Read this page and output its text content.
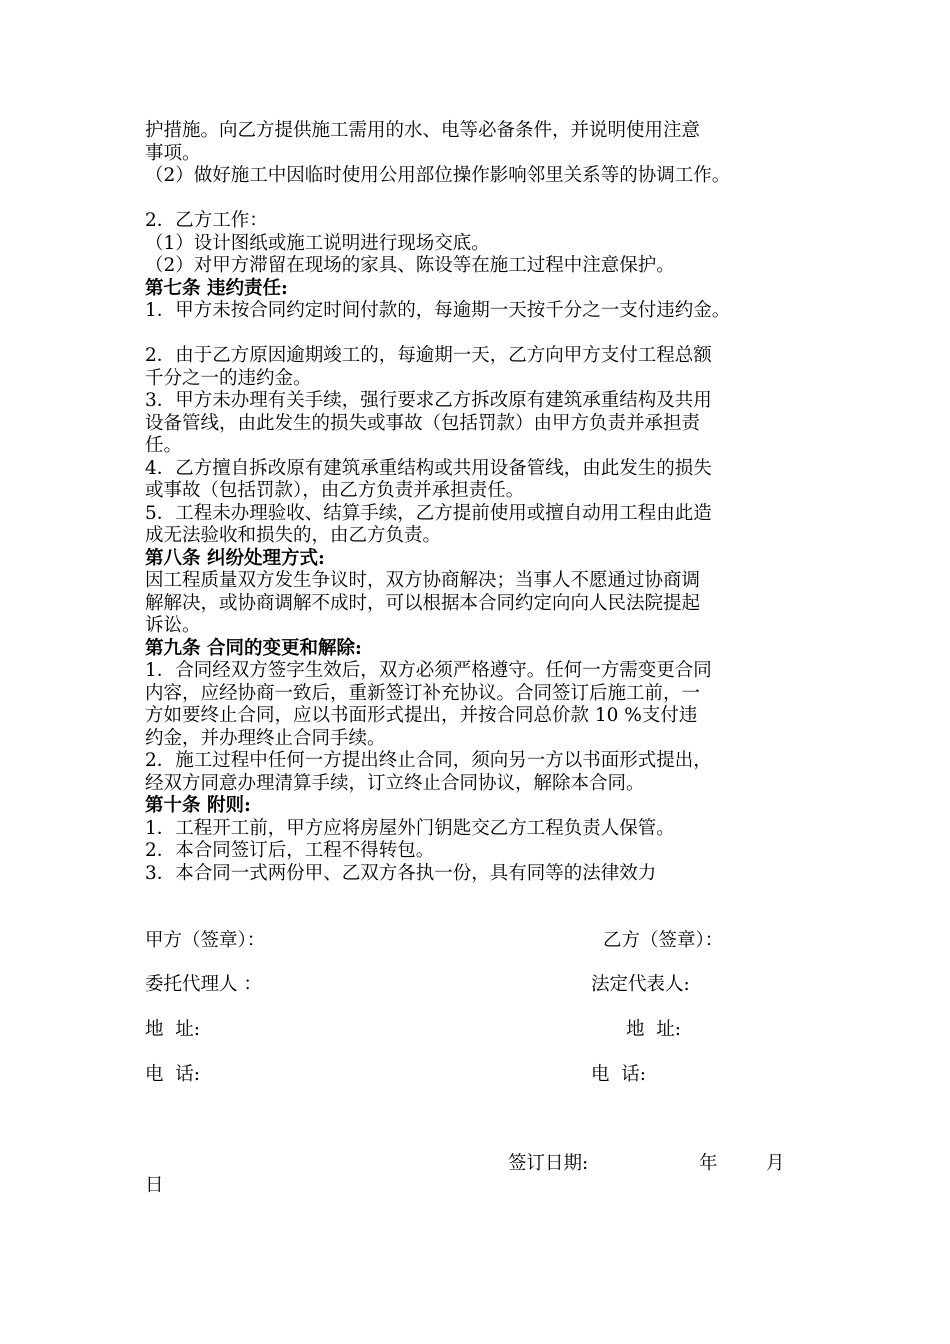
护措施。向乙方提供施工需用的水、电等必备条件，并说明使用注意
事项。
（2）做好施工中因临时使用公用部位操作影响邻里关系等的协调工作。
2．乙方工作：
（1）设计图纸或施工说明进行现场交底。
（2）对甲方滞留在现场的家具、陈设等在施工过程中注意保护。
第七条 违约责任:
1．甲方未按合同约定时间付款的，每逾期一天按千分之一支付违约金。
2．由于乙方原因逾期竣工的，每逾期一天，乙方向甲方支付工程总额
千分之一的违约金。
3．甲方未办理有关手续，强行要求乙方拆改原有建筑承重结构及共用
设备管线，由此发生的损失或事故（包括罚款）由甲方负责并承担责
任。
4．乙方擅自拆改原有建筑承重结构或共用设备管线，由此发生的损失
或事故（包括罚款），由乙方负责并承担责任。
5．工程未办理验收、结算手续，乙方提前使用或擅自动用工程由此造
成无法验收和损失的，由乙方负责。
第八条 纠纷处理方式:
因工程质量双方发生争议时，双方协商解决；当事人不愿通过协商调
解解决，或协商调解不成时，可以根据本合同约定向向人民法院提起
诉讼。
第九条 合同的变更和解除:
1．合同经双方签字生效后，双方必须严格遵守。任何一方需变更合同
内容，应经协商一致后，重新签订补充协议。合同签订后施工前，一
方如要终止合同，应以书面形式提出，并按合同总价款 10 %支付违
约金，并办理终止合同手续。
2．施工过程中任何一方提出终止合同，须向另一方以书面形式提出，
经双方同意办理清算手续，订立终止合同协议，解除本合同。
第十条 附则:
1．工程开工前，甲方应将房屋外门钥匙交乙方工程负责人保管。
2．本合同签订后，工程不得转包。
3．本合同一式两份甲、乙双方各执一份，具有同等的法律效力
甲方（签章）：	乙方（签章）：
委托代理人 ：	法定代表人:
地  址:	地  址:
电  话:	电  话:
签订日期:	年	月
日
